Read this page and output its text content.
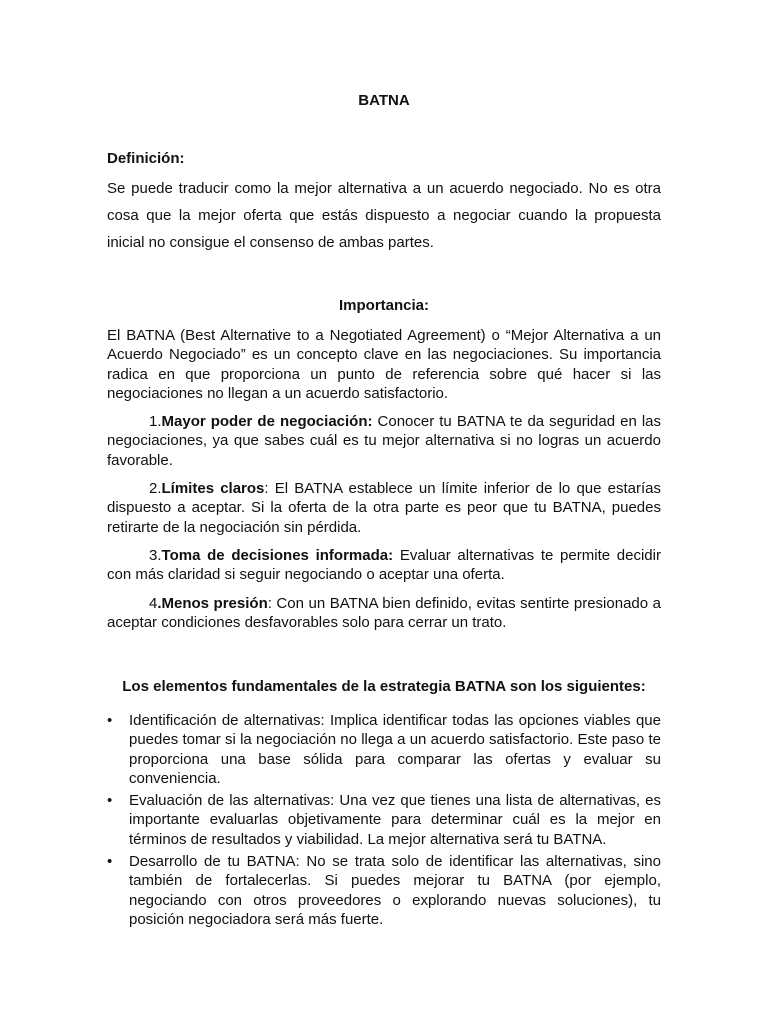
BATNA
Definición:
Se puede traducir como la mejor alternativa a un acuerdo negociado. No es otra cosa que la mejor oferta que estás dispuesto a negociar cuando la propuesta inicial no consigue el consenso de ambas partes.
Importancia:

El BATNA (Best Alternative to a Negotiated Agreement) o “Mejor Alternativa a un Acuerdo Negociado” es un concepto clave en las negociaciones. Su importancia radica en que proporciona un punto de referencia sobre qué hacer si las negociaciones no llegan a un acuerdo satisfactorio.

1.Mayor poder de negociación: Conocer tu BATNA te da seguridad en las negociaciones, ya que sabes cuál es tu mejor alternativa si no logras un acuerdo favorable.

2.Límites claros: El BATNA establece un límite inferior de lo que estarías dispuesto a aceptar. Si la oferta de la otra parte es peor que tu BATNA, puedes retirarte de la negociación sin pérdida.

3.Toma de decisiones informada: Evaluar alternativas te permite decidir con más claridad si seguir negociando o aceptar una oferta.

4.Menos presión: Con un BATNA bien definido, evitas sentirte presionado a aceptar condiciones desfavorables solo para cerrar un trato.

Los elementos fundamentales de la estrategia BATNA son los siguientes:
• Identificación de alternativas: Implica identificar todas las opciones viables que puedes tomar si la negociación no llega a un acuerdo satisfactorio. Este paso te proporciona una base sólida para comparar las ofertas y evaluar su conveniencia.
• Evaluación de las alternativas: Una vez que tienes una lista de alternativas, es importante evaluarlas objetivamente para determinar cuál es la mejor en términos de resultados y viabilidad. La mejor alternativa será tu BATNA.
• Desarrollo de tu BATNA: No se trata solo de identificar las alternativas, sino también de fortalecerlas. Si puedes mejorar tu BATNA (por ejemplo, negociando con otros proveedores o explorando nuevas soluciones), tu posición negociadora será más fuerte.
